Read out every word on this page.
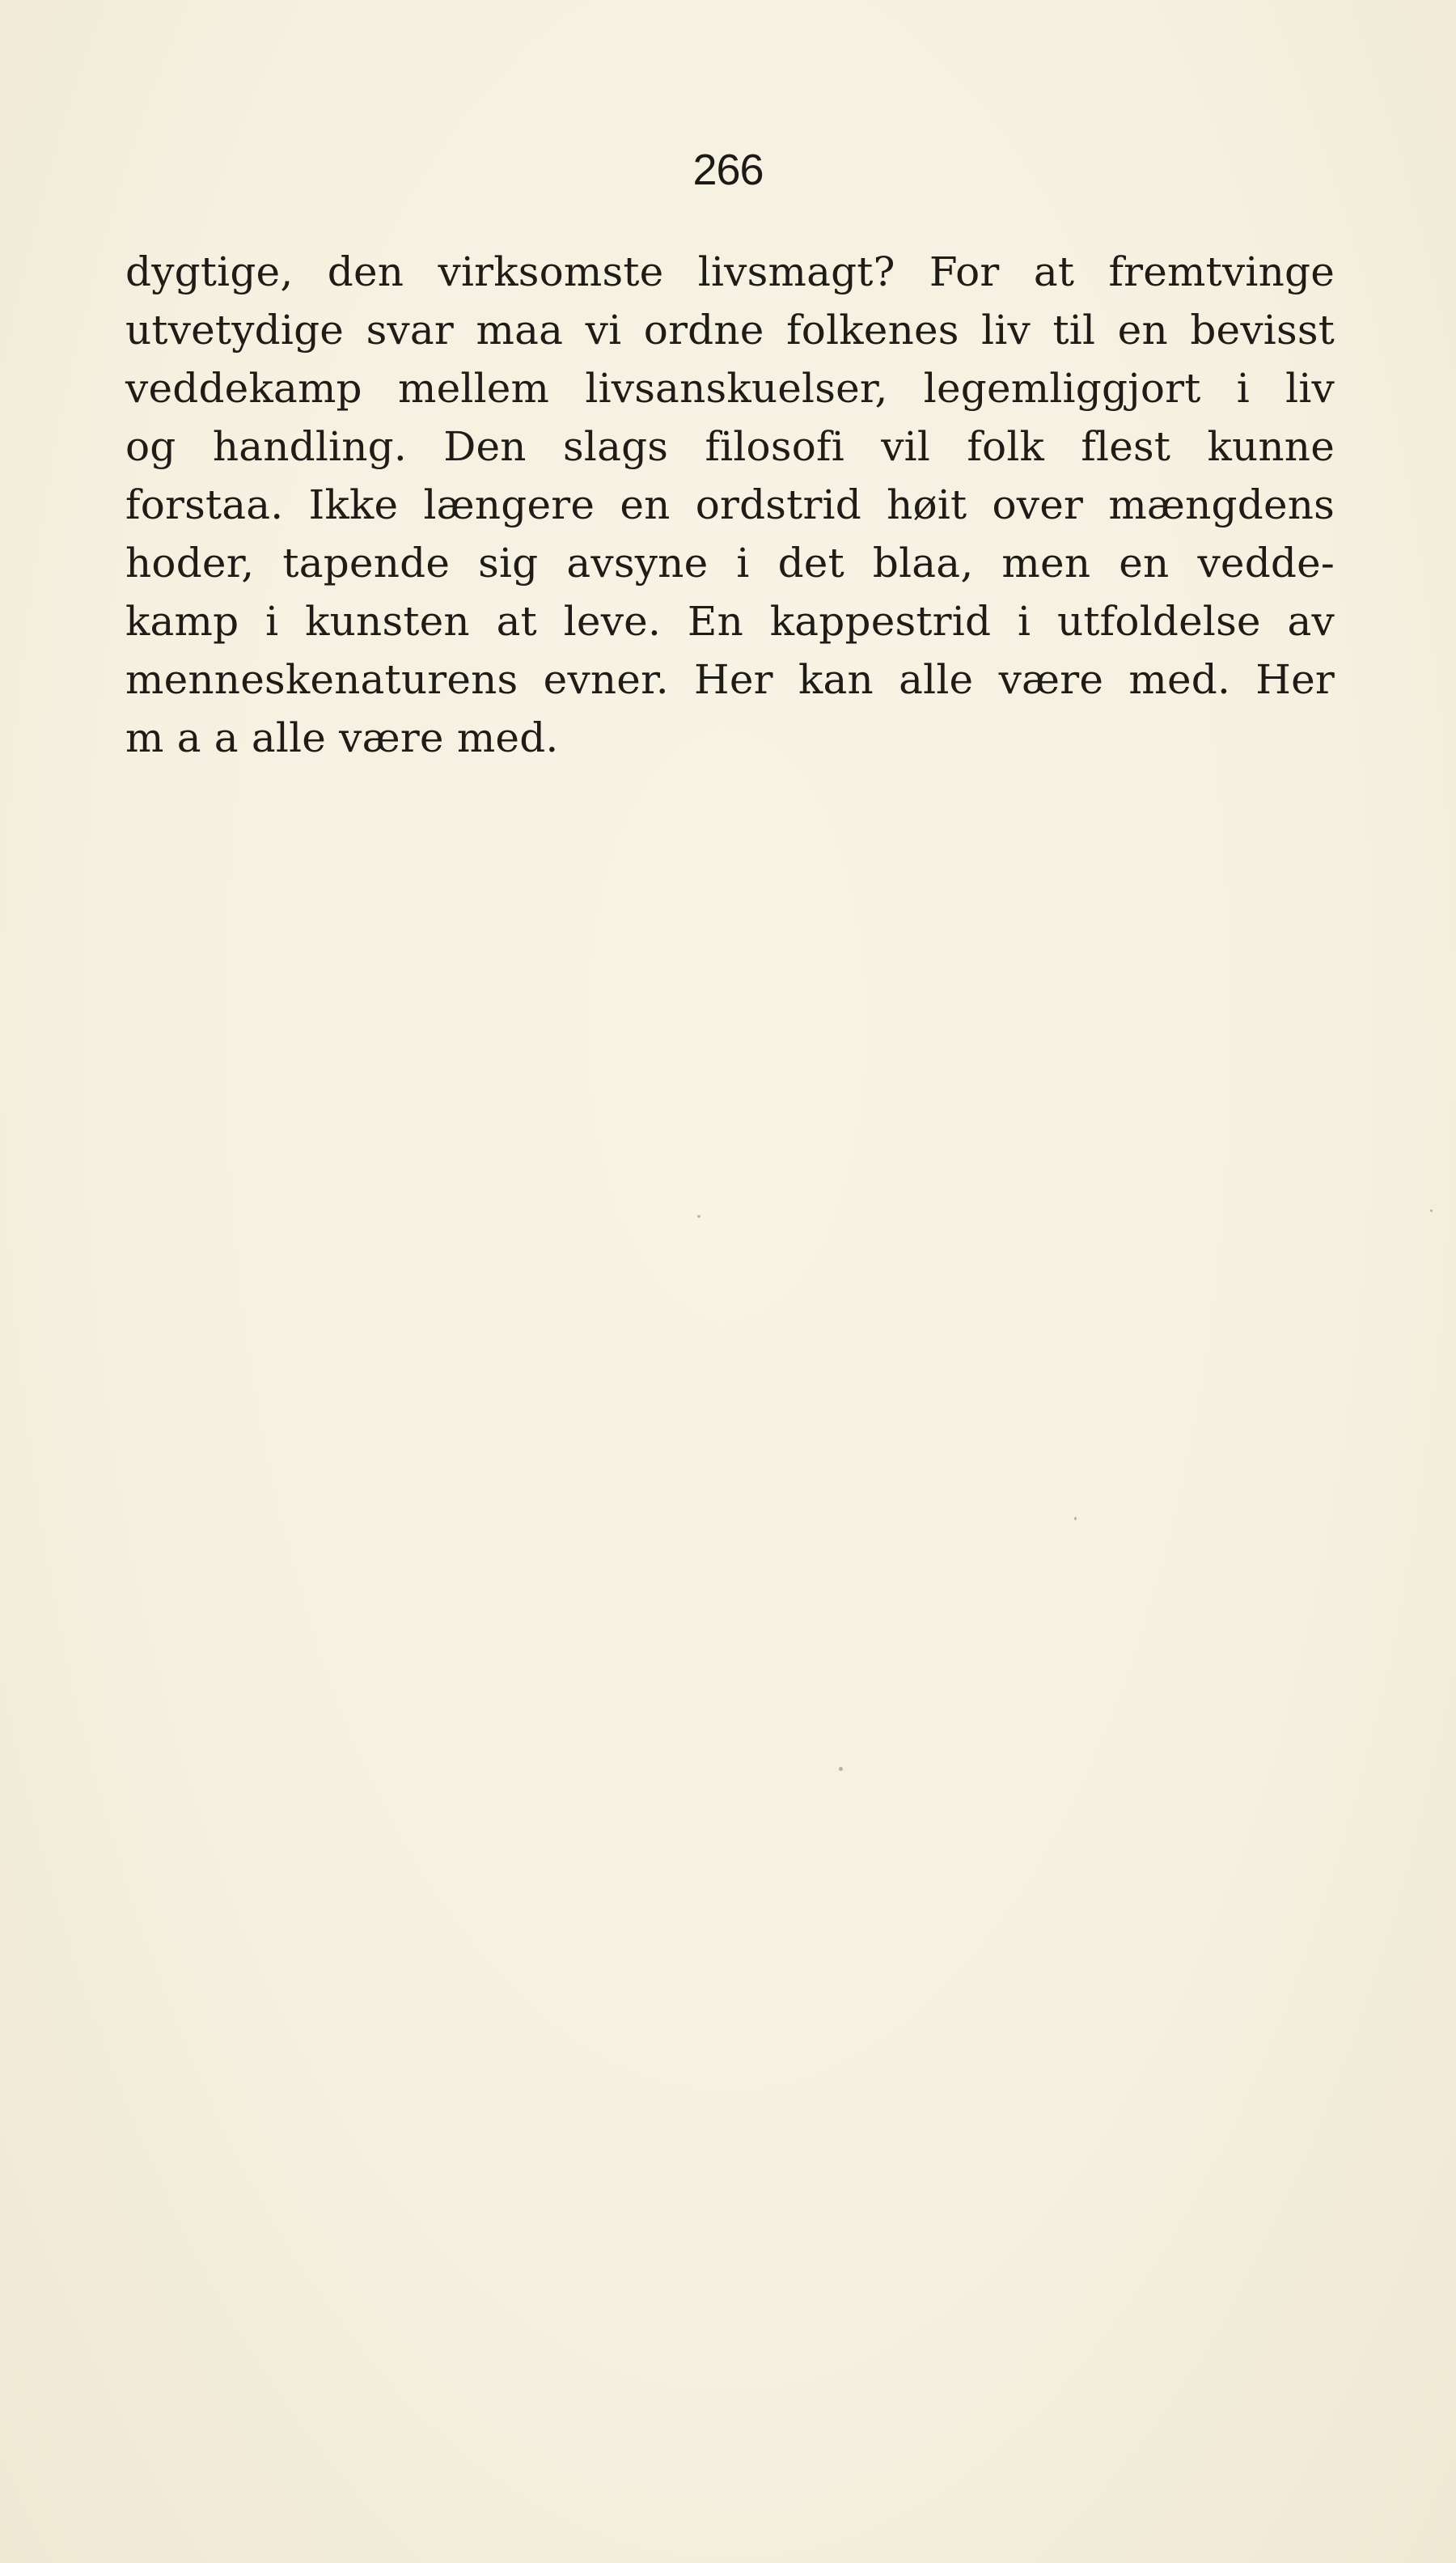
266
dygtige, den virksomste livsmagt? For at fremtvinge
utvetydige svar maa vi ordne folkenes liv til en bevisst
veddekamp mellem livsanskuelser, legemliggjort i liv
og handling. Den slags filosofi vil folk flest kunne
forstaa. Ikke længere en ordstrid høit over mængdens
hoder, tapende sig avsyne i det blaa, men en vedde-
kamp i kunsten at leve. En kappestrid i utfoldelse av
menneskenaturens evner. Her kan alle være med. Her
m a a alle være med.
